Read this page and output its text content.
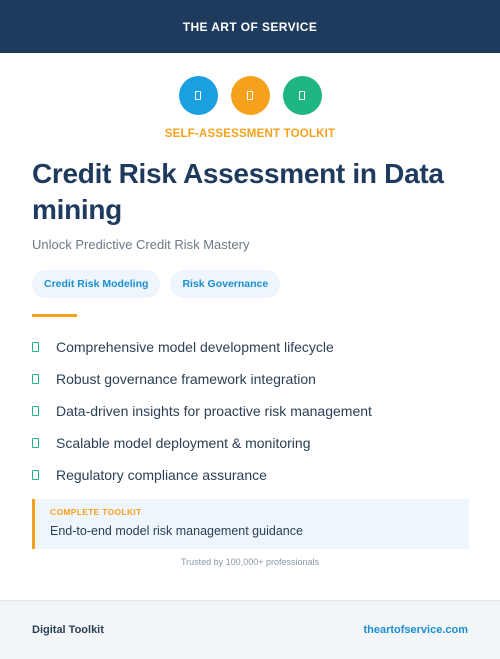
THE ART OF SERVICE
SELF-ASSESSMENT TOOLKIT
Credit Risk Assessment in Data mining
Unlock Predictive Credit Risk Mastery
Credit Risk Modeling	Risk Governance
Comprehensive model development lifecycle
Robust governance framework integration
Data-driven insights for proactive risk management
Scalable model deployment & monitoring
Regulatory compliance assurance
COMPLETE TOOLKIT
End-to-end model risk management guidance
Trusted by 100,000+ professionals
Digital Toolkit	theartofservice.com
